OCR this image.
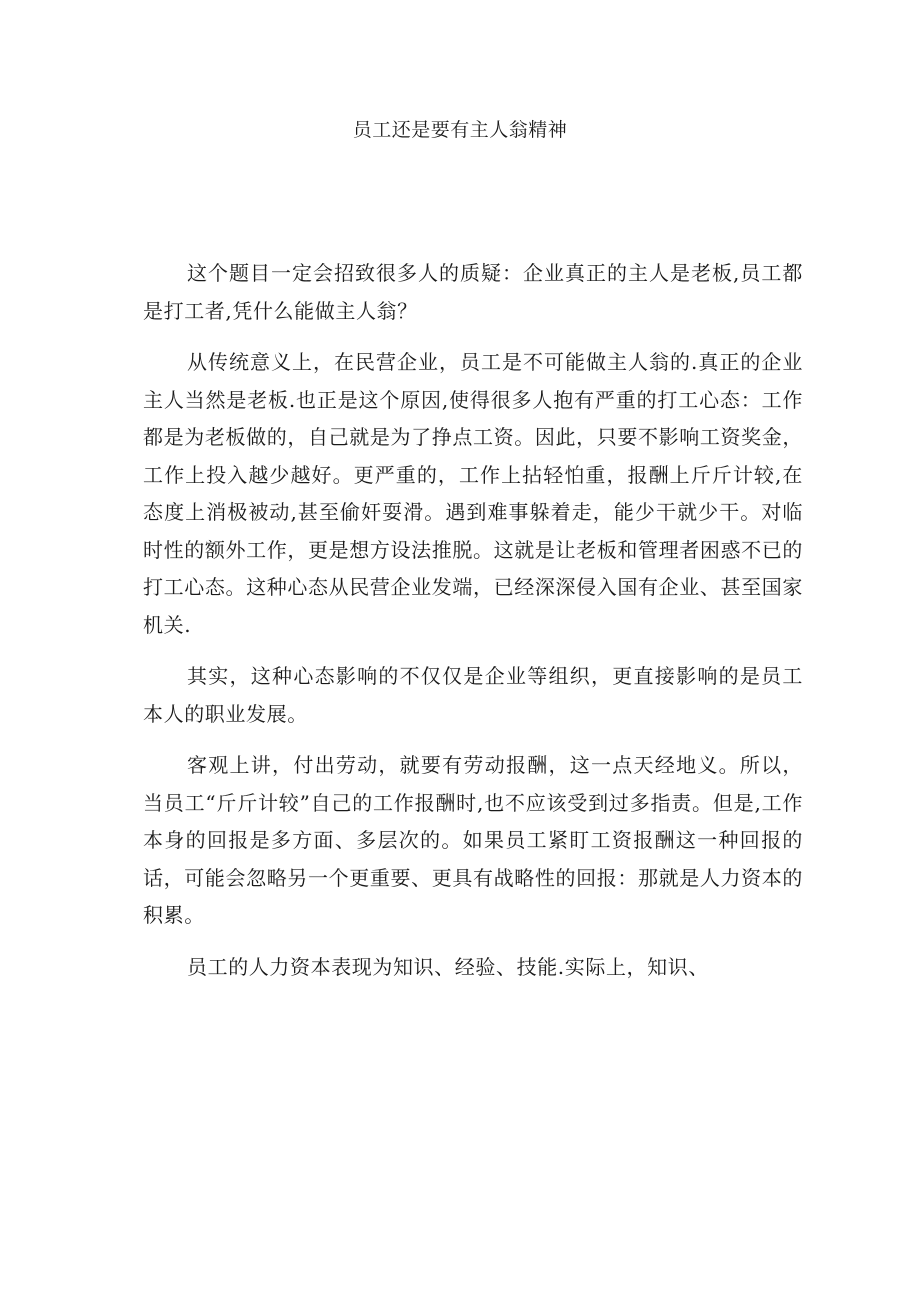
员工还是要有主人翁精神

这个题目一定会招致很多人的质疑：企业真正的主人是老板,员工都是打工者,凭什么能做主人翁？

从传统意义上，在民营企业，员工是不可能做主人翁的.真正的企业主人当然是老板.也正是这个原因,使得很多人抱有严重的打工心态：工作都是为老板做的，自己就是为了挣点工资。因此，只要不影响工资奖金，工作上投入越少越好。更严重的，工作上拈轻怕重，报酬上斤斤计较,在态度上消极被动,甚至偷奸耍滑。遇到难事躲着走，能少干就少干。对临时性的额外工作，更是想方设法推脱。这就是让老板和管理者困惑不已的打工心态。这种心态从民营企业发端，已经深深侵入国有企业、甚至国家机关.

其实，这种心态影响的不仅仅是企业等组织，更直接影响的是员工本人的职业发展。

客观上讲，付出劳动，就要有劳动报酬，这一点天经地义。所以，当员工“斤斤计较”自己的工作报酬时,也不应该受到过多指责。但是,工作本身的回报是多方面、多层次的。如果员工紧盯工资报酬这一种回报的话，可能会忽略另一个更重要、更具有战略性的回报：那就是人力资本的积累。

员工的人力资本表现为知识、经验、技能.实际上，知识、
